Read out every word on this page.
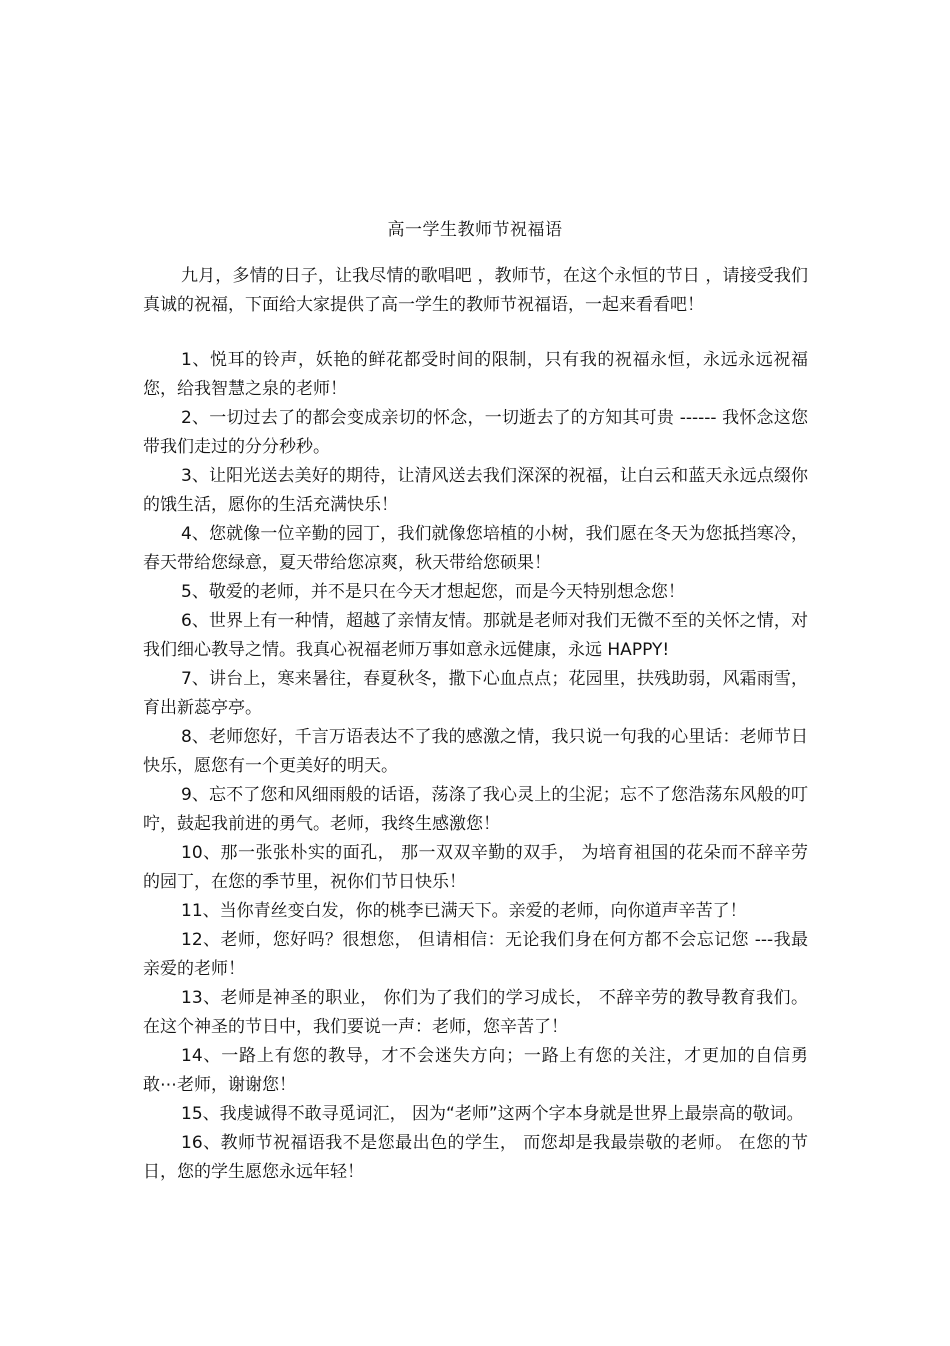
高一学生教师节祝福语
九月，多情的日子，让我尽情的歌唱吧 ，教师节，在这个永恒的节日 ，请接受我们真诚的祝福，下面给大家提供了高一学生的教师节祝福语，一起来看看吧！

1、悦耳的铃声，妖艳的鲜花都受时间的限制，只有我的祝福永恒，永远永远祝福您，给我智慧之泉的老师！

2、一切过去了的都会变成亲切的怀念，一切逝去了的方知其可贵 ------ 我怀念这您带我们走过的分分秒秒。

3、让阳光送去美好的期待，让清风送去我们深深的祝福，让白云和蓝天永远点缀你的饿生活，愿你的生活充满快乐！

4、您就像一位辛勤的园丁，我们就像您培植的小树，我们愿在冬天为您抵挡寒冷，春天带给您绿意，夏天带给您凉爽，秋天带给您硕果！

5、敬爱的老师，并不是只在今天才想起您，而是今天特别想念您！

6、世界上有一种情，超越了亲情友情。那就是老师对我们无微不至的关怀之情，对我们细心教导之情。我真心祝福老师万事如意永远健康，永远 HAPPY!

7、讲台上，寒来暑往，春夏秋冬，撒下心血点点；花园里，扶残助弱，风霜雨雪，育出新蕊亭亭。

8、老师您好，千言万语表达不了我的感激之情，我只说一句我的心里话：老师节日快乐，愿您有一个更美好的明天。

9、忘不了您和风细雨般的话语，荡涤了我心灵上的尘泥；忘不了您浩荡东风般的叮咛，鼓起我前进的勇气。老师，我终生感激您！

10、那一张张朴实的面孔， 那一双双辛勤的双手， 为培育祖国的花朵而不辞辛劳的园丁，在您的季节里，祝你们节日快乐！

11、当你青丝变白发，你的桃李已满天下。亲爱的老师，向你道声辛苦了！

12、老师，您好吗？很想您， 但请相信：无论我们身在何方都不会忘记您 ---我最亲爱的老师！

13、老师是神圣的职业， 你们为了我们的学习成长， 不辞辛劳的教导教育我们。在这个神圣的节日中，我们要说一声：老师，您辛苦了！

14、一路上有您的教导，才不会迷失方向；一路上有您的关注，才更加的自信勇敢⋯老师，谢谢您！

15、我虔诚得不敢寻觅词汇， 因为“老师”这两个字本身就是世界上最崇高的敬词。

16、教师节祝福语我不是您最出色的学生， 而您却是我最崇敬的老师。 在您的节日，您的学生愿您永远年轻！
